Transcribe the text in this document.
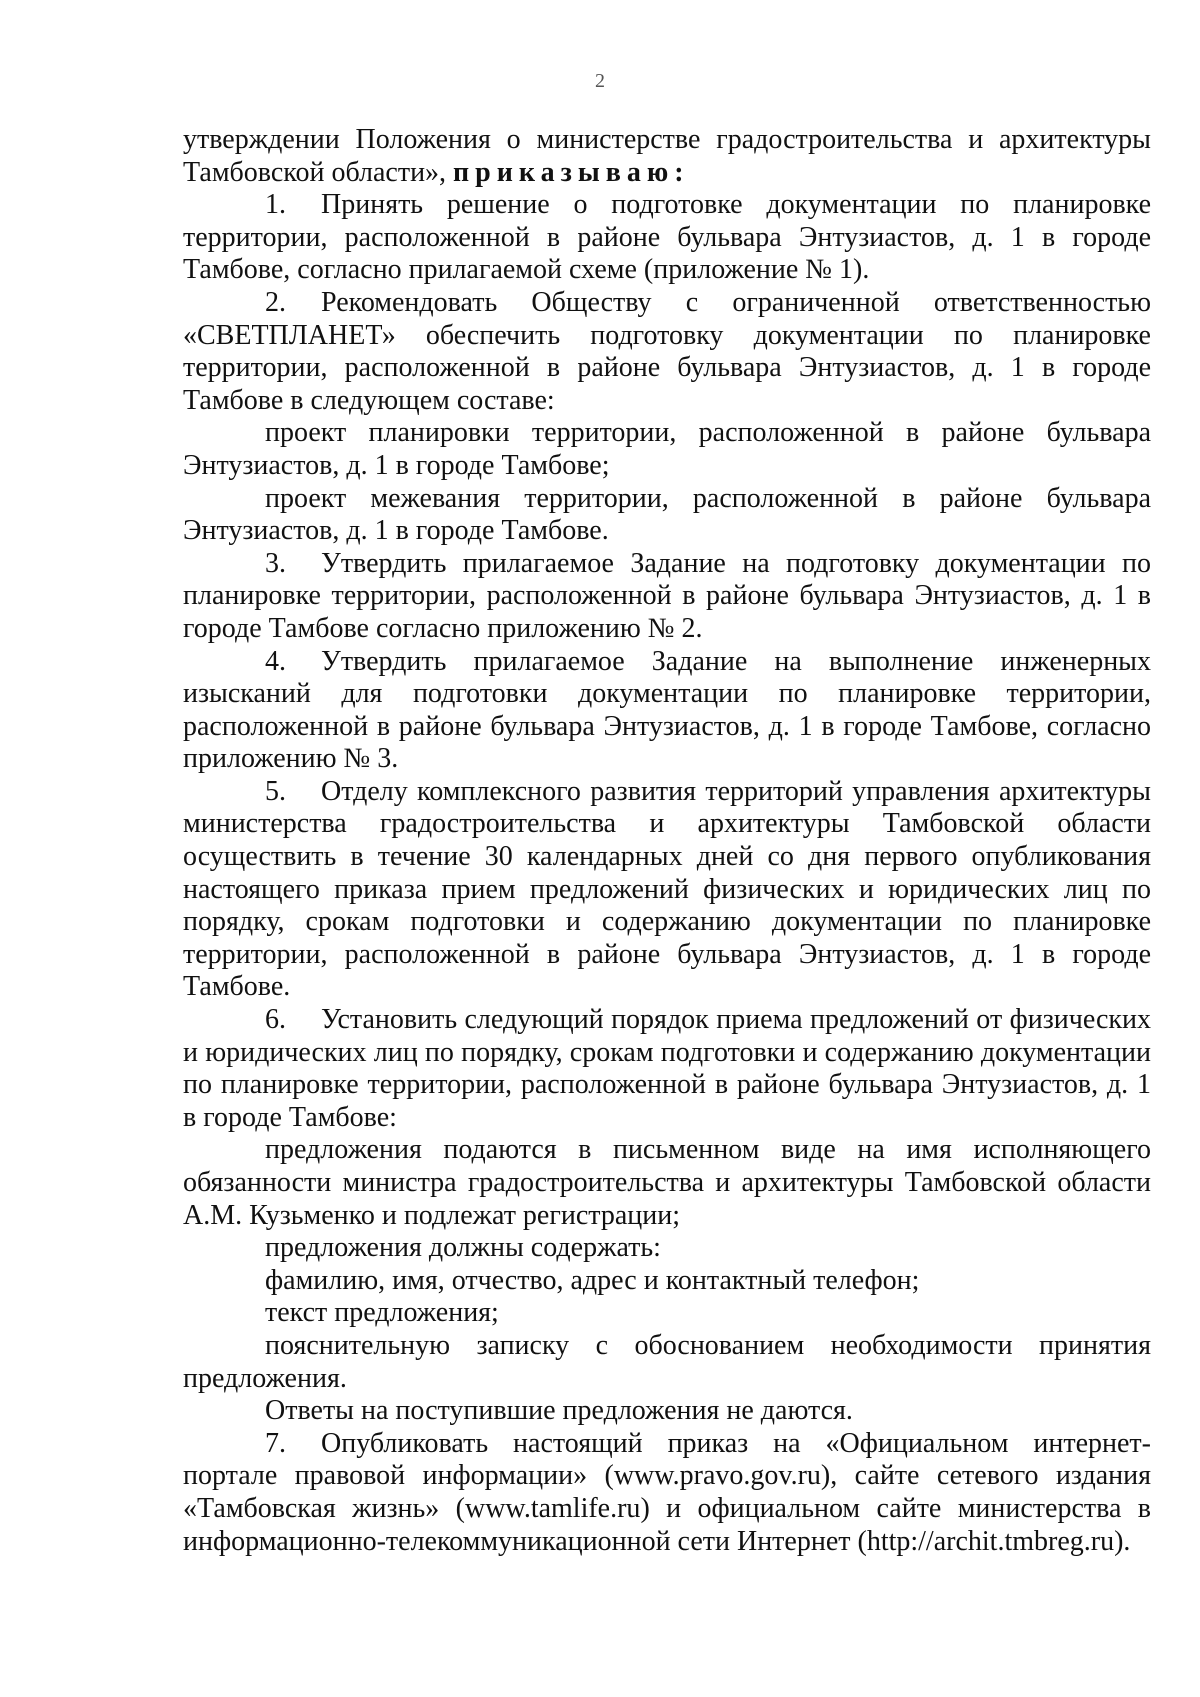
2

утверждении Положения о министерстве градостроительства и архитектуры Тамбовской области», приказываю:

1. Принять решение о подготовке документации по планировке территории, расположенной в районе бульвара Энтузиастов, д. 1 в городе Тамбове, согласно прилагаемой схеме (приложение № 1).

2. Рекомендовать Обществу с ограниченной ответственностью «СВЕТПЛАНЕТ» обеспечить подготовку документации по планировке территории, расположенной в районе бульвара Энтузиастов, д. 1 в городе Тамбове в следующем составе:

проект планировки территории, расположенной в районе бульвара Энтузиастов, д. 1 в городе Тамбове;

проект межевания территории, расположенной в районе бульвара Энтузиастов, д. 1 в городе Тамбове.

3. Утвердить прилагаемое Задание на подготовку документации по планировке территории, расположенной в районе бульвара Энтузиастов, д. 1 в городе Тамбове согласно приложению № 2.

4. Утвердить прилагаемое Задание на выполнение инженерных изысканий для подготовки документации по планировке территории, расположенной в районе бульвара Энтузиастов, д. 1 в городе Тамбове, согласно приложению № 3.

5. Отделу комплексного развития территорий управления архитектуры министерства градостроительства и архитектуры Тамбовской области осуществить в течение 30 календарных дней со дня первого опубликования настоящего приказа прием предложений физических и юридических лиц по порядку, срокам подготовки и содержанию документации по планировке территории, расположенной в районе бульвара Энтузиастов, д. 1 в городе Тамбове.

6. Установить следующий порядок приема предложений от физических и юридических лиц по порядку, срокам подготовки и содержанию документации по планировке территории, расположенной в районе бульвара Энтузиастов, д. 1 в городе Тамбове:

предложения подаются в письменном виде на имя исполняющего обязанности министра градостроительства и архитектуры Тамбовской области А.М. Кузьменко и подлежат регистрации;

предложения должны содержать:

фамилию, имя, отчество, адрес и контактный телефон;

текст предложения;

пояснительную записку с обоснованием необходимости принятия предложения.

Ответы на поступившие предложения не даются.

7. Опубликовать настоящий приказ на «Официальном интернет-портале правовой информации» (www.pravo.gov.ru), сайте сетевого издания «Тамбовская жизнь» (www.tamlife.ru) и официальном сайте министерства в информационно-телекоммуникационной сети Интернет (http://archit.tmbreg.ru).
